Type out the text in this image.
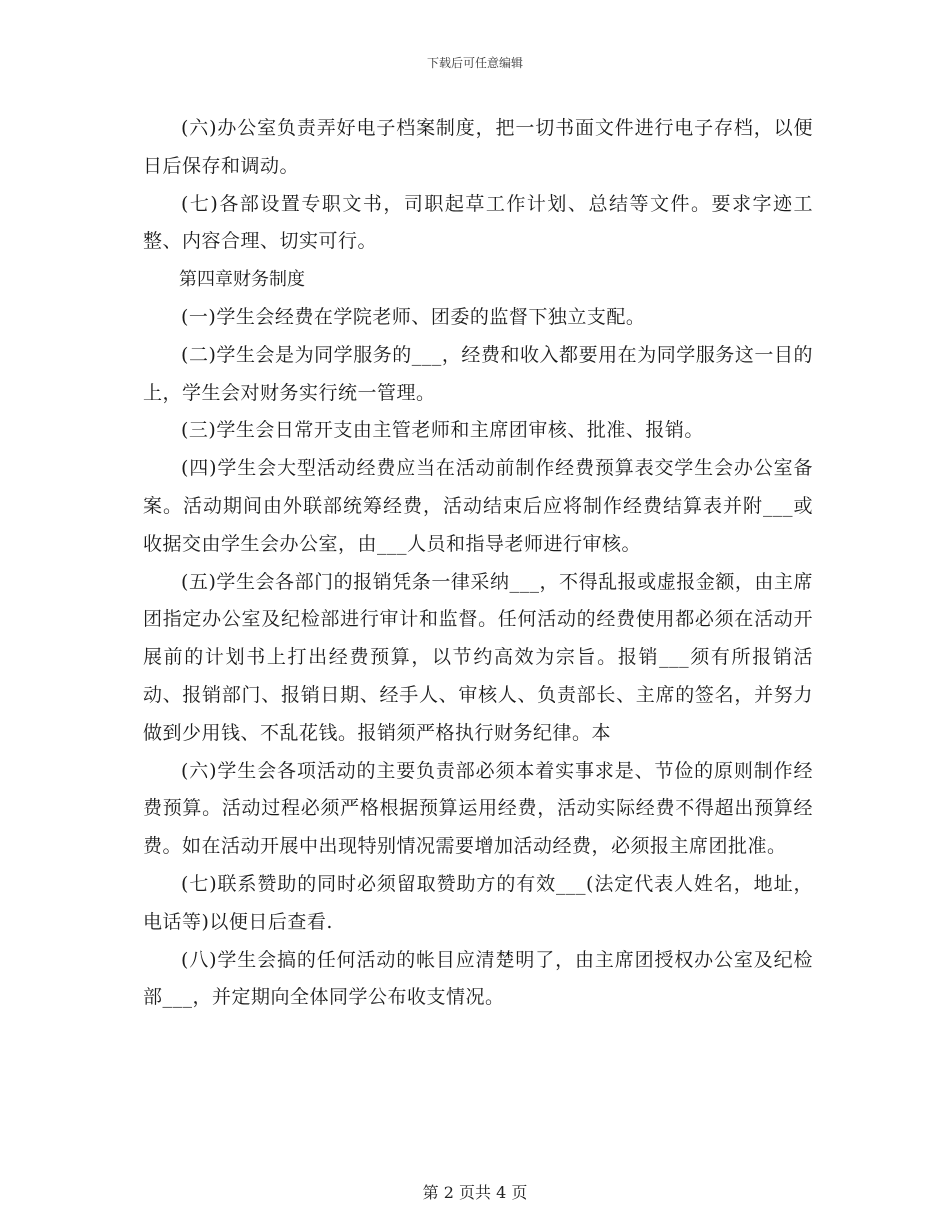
下载后可任意编辑

(六)办公室负责弄好电子档案制度，把一切书面文件进行电子存档，以便日后保存和调动。

(七)各部设置专职文书，司职起草工作计划、总结等文件。要求字迹工整、内容合理、切实可行。

第四章财务制度

(一)学生会经费在学院老师、团委的监督下独立支配。

(二)学生会是为同学服务的___，经费和收入都要用在为同学服务这一目的上，学生会对财务实行统一管理。

(三)学生会日常开支由主管老师和主席团审核、批准、报销。

(四)学生会大型活动经费应当在活动前制作经费预算表交学生会办公室备案。活动期间由外联部统筹经费，活动结束后应将制作经费结算表并附___或收据交由学生会办公室，由___人员和指导老师进行审核。

(五)学生会各部门的报销凭条一律采纳___，不得乱报或虚报金额，由主席团指定办公室及纪检部进行审计和监督。任何活动的经费使用都必须在活动开展前的计划书上打出经费预算，以节约高效为宗旨。报销___须有所报销活动、报销部门、报销日期、经手人、审核人、负责部长、主席的签名，并努力做到少用钱、不乱花钱。报销须严格执行财务纪律。本

(六)学生会各项活动的主要负责部必须本着实事求是、节俭的原则制作经费预算。活动过程必须严格根据预算运用经费，活动实际经费不得超出预算经费。如在活动开展中出现特别情况需要增加活动经费，必须报主席团批准。

(七)联系赞助的同时必须留取赞助方的有效___(法定代表人姓名，地址，电话等)以便日后查看.

(八)学生会搞的任何活动的帐目应清楚明了，由主席团授权办公室及纪检部___，并定期向全体同学公布收支情况。

第 2 页共 4 页
